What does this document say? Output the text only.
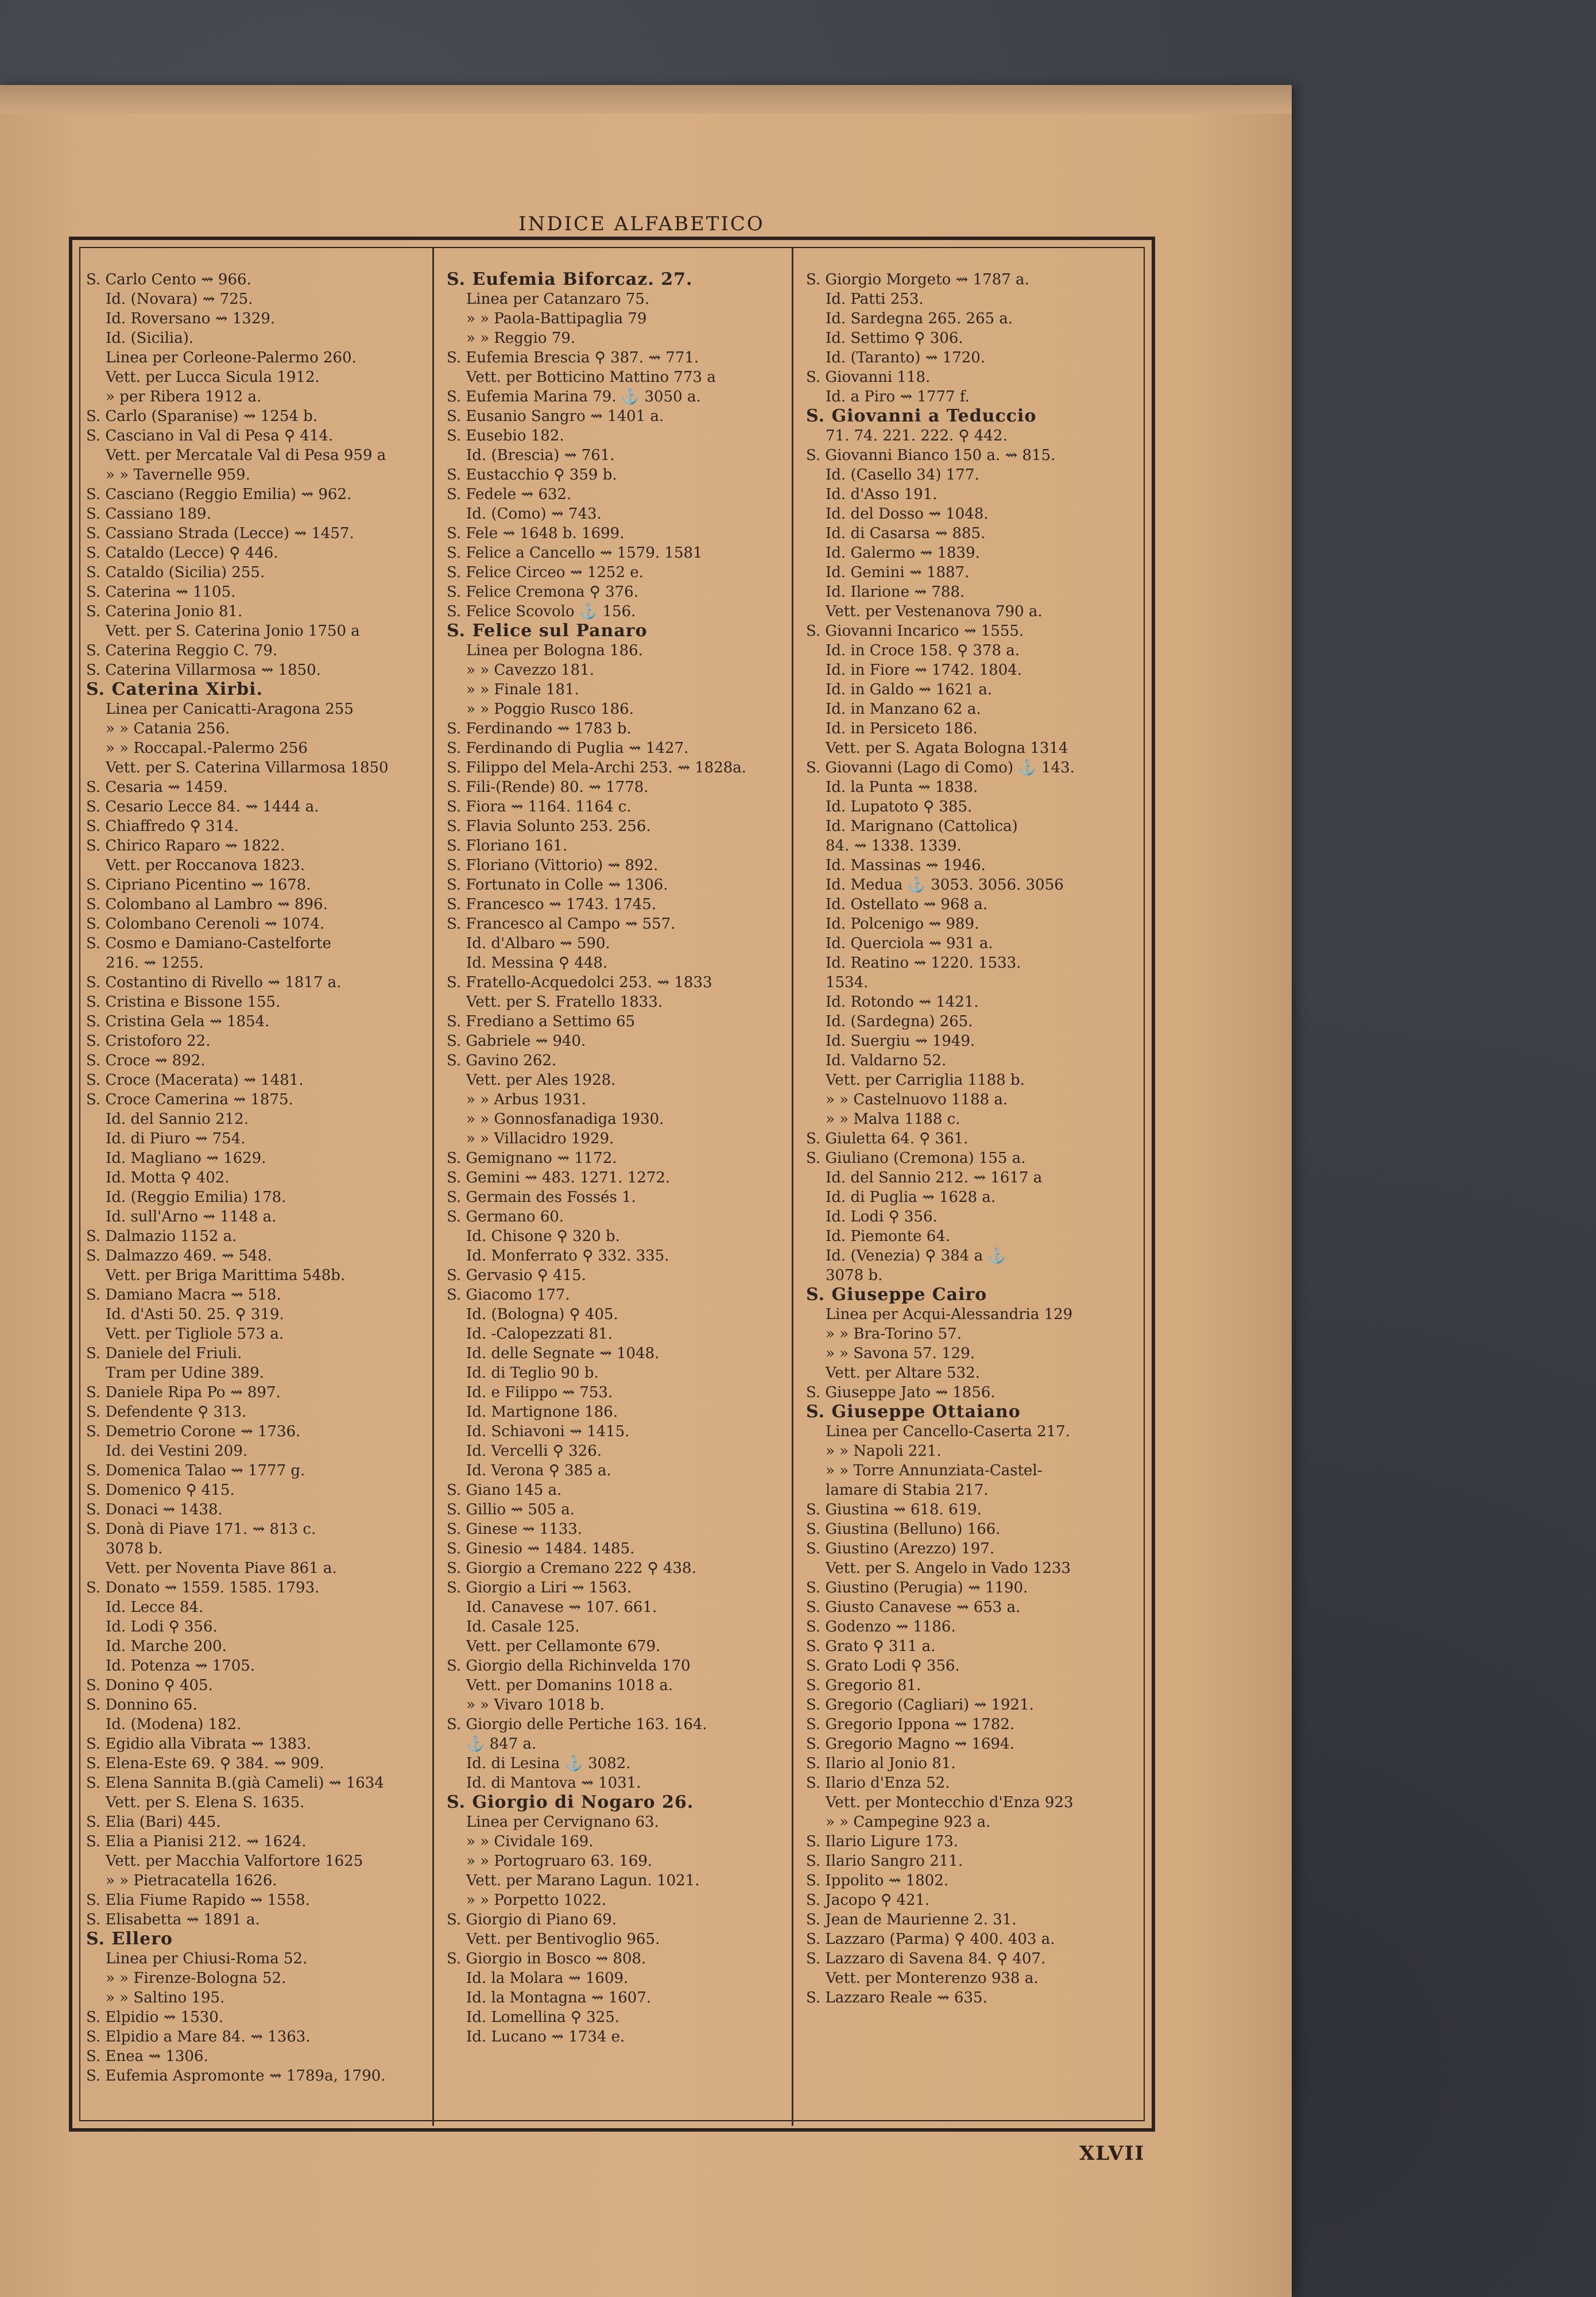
INDICE ALFABETICO
S. Carlo Cento ⇝ 966.
Id. (Novara) ⇝ 725.
Id. Roversano ⇝ 1329.
Id. (Sicilia).
Linea per Corleone-Palermo 260.
Vett. per Lucca Sicula 1912.
» per Ribera 1912 a.
S. Carlo (Sparanise) ⇝ 1254 b.
S. Casciano in Val di Pesa ⚲ 414.
Vett. per Mercatale Val di Pesa 959 a
» » Tavernelle 959.
S. Casciano (Reggio Emilia) ⇝ 962.
S. Cassiano 189.
S. Cassiano Strada (Lecce) ⇝ 1457.
S. Cataldo (Lecce) ⚲ 446.
S. Cataldo (Sicilia) 255.
S. Caterina ⇝ 1105.
S. Caterina Jonio 81.
Vett. per S. Caterina Jonio 1750 a
S. Caterina Reggio C. 79.
S. Caterina Villarmosa ⇝ 1850.
S. Caterina Xirbi.
Linea per Canicatti-Aragona 255
» » Catania 256.
» » Roccapal.-Palermo 256
Vett. per S. Caterina Villarmosa 1850
S. Cesaria ⇝ 1459.
S. Cesario Lecce 84. ⇝ 1444 a.
S. Chiaffredo ⚲ 314.
S. Chirico Raparo ⇝ 1822.
Vett. per Roccanova 1823.
S. Cipriano Picentino ⇝ 1678.
S. Colombano al Lambro ⇝ 896.
S. Colombano Cerenoli ⇝ 1074.
S. Cosmo e Damiano-Castelforte
216. ⇝ 1255.
S. Costantino di Rivello ⇝ 1817 a.
S. Cristina e Bissone 155.
S. Cristina Gela ⇝ 1854.
S. Cristoforo 22.
S. Croce ⇝ 892.
S. Croce (Macerata) ⇝ 1481.
S. Croce Camerina ⇝ 1875.
Id. del Sannio 212.
Id. di Piuro ⇝ 754.
Id. Magliano ⇝ 1629.
Id. Motta ⚲ 402.
Id. (Reggio Emilia) 178.
Id. sull'Arno ⇝ 1148 a.
S. Dalmazio 1152 a.
S. Dalmazzo 469. ⇝ 548.
Vett. per Briga Marittima 548b.
S. Damiano Macra ⇝ 518.
Id. d'Asti 50. 25. ⚲ 319.
Vett. per Tigliole 573 a.
S. Daniele del Friuli.
Tram per Udine 389.
S. Daniele Ripa Po ⇝ 897.
S. Defendente ⚲ 313.
S. Demetrio Corone ⇝ 1736.
Id. dei Vestini 209.
S. Domenica Talao ⇝ 1777 g.
S. Domenico ⚲ 415.
S. Donaci ⇝ 1438.
S. Donà di Piave 171. ⇝ 813 c.
3078 b.
Vett. per Noventa Piave 861 a.
S. Donato ⇝ 1559. 1585. 1793.
Id. Lecce 84.
Id. Lodi ⚲ 356.
Id. Marche 200.
Id. Potenza ⇝ 1705.
S. Donino ⚲ 405.
S. Donnino 65.
Id. (Modena) 182.
S. Egidio alla Vibrata ⇝ 1383.
S. Elena-Este 69. ⚲ 384. ⇝ 909.
S. Elena Sannita B.(già Cameli) ⇝ 1634
Vett. per S. Elena S. 1635.
S. Elia (Bari) 445.
S. Elia a Pianisi 212. ⇝ 1624.
Vett. per Macchia Valfortore 1625
» » Pietracatella 1626.
S. Elia Fiume Rapido ⇝ 1558.
S. Elisabetta ⇝ 1891 a.
S. Ellero
Linea per Chiusi-Roma 52.
» » Firenze-Bologna 52.
» » Saltino 195.
S. Elpidio ⇝ 1530.
S. Elpidio a Mare 84. ⇝ 1363.
S. Enea ⇝ 1306.
S. Eufemia Aspromonte ⇝ 1789a, 1790.
S. Eufemia Biforcaz. 27.
Linea per Catanzaro 75.
» » Paola-Battipaglia 79
» » Reggio 79.
S. Eufemia Brescia ⚲ 387. ⇝ 771.
Vett. per Botticino Mattino 773 a
S. Eufemia Marina 79. ⚓ 3050 a.
S. Eusanio Sangro ⇝ 1401 a.
S. Eusebio 182.
Id. (Brescia) ⇝ 761.
S. Eustacchio ⚲ 359 b.
S. Fedele ⇝ 632.
Id. (Como) ⇝ 743.
S. Fele ⇝ 1648 b. 1699.
S. Felice a Cancello ⇝ 1579. 1581
S. Felice Circeo ⇝ 1252 e.
S. Felice Cremona ⚲ 376.
S. Felice Scovolo ⚓ 156.
S. Felice sul Panaro
Linea per Bologna 186.
» » Cavezzo 181.
» » Finale 181.
» » Poggio Rusco 186.
S. Ferdinando ⇝ 1783 b.
S. Ferdinando di Puglia ⇝ 1427.
S. Filippo del Mela-Archi 253. ⇝ 1828a.
S. Fili-(Rende) 80. ⇝ 1778.
S. Fiora ⇝ 1164. 1164 c.
S. Flavia Solunto 253. 256.
S. Floriano 161.
S. Floriano (Vittorio) ⇝ 892.
S. Fortunato in Colle ⇝ 1306.
S. Francesco ⇝ 1743. 1745.
S. Francesco al Campo ⇝ 557.
Id. d'Albaro ⇝ 590.
Id. Messina ⚲ 448.
S. Fratello-Acquedolci 253. ⇝ 1833
Vett. per S. Fratello 1833.
S. Frediano a Settimo 65
S. Gabriele ⇝ 940.
S. Gavino 262.
Vett. per Ales 1928.
» » Arbus 1931.
» » Gonnosfanadiga 1930.
» » Villacidro 1929.
S. Gemignano ⇝ 1172.
S. Gemini ⇝ 483. 1271. 1272.
S. Germain des Fossés 1.
S. Germano 60.
Id. Chisone ⚲ 320 b.
Id. Monferrato ⚲ 332. 335.
S. Gervasio ⚲ 415.
S. Giacomo 177.
Id. (Bologna) ⚲ 405.
Id. -Calopezzati 81.
Id. delle Segnate ⇝ 1048.
Id. di Teglio 90 b.
Id. e Filippo ⇝ 753.
Id. Martignone 186.
Id. Schiavoni ⇝ 1415.
Id. Vercelli ⚲ 326.
Id. Verona ⚲ 385 a.
S. Giano 145 a.
S. Gillio ⇝ 505 a.
S. Ginese ⇝ 1133.
S. Ginesio ⇝ 1484. 1485.
S. Giorgio a Cremano 222 ⚲ 438.
S. Giorgio a Liri ⇝ 1563.
Id. Canavese ⇝ 107. 661.
Id. Casale 125.
Vett. per Cellamonte 679.
S. Giorgio della Richinvelda 170
Vett. per Domanins 1018 a.
» » Vivaro 1018 b.
S. Giorgio delle Pertiche 163. 164.
⚓ 847 a.
Id. di Lesina ⚓ 3082.
Id. di Mantova ⇝ 1031.
S. Giorgio di Nogaro 26.
Linea per Cervignano 63.
» » Cividale 169.
» » Portogruaro 63. 169.
Vett. per Marano Lagun. 1021.
» » Porpetto 1022.
S. Giorgio di Piano 69.
Vett. per Bentivoglio 965.
S. Giorgio in Bosco ⇝ 808.
Id. la Molara ⇝ 1609.
Id. la Montagna ⇝ 1607.
Id. Lomellina ⚲ 325.
Id. Lucano ⇝ 1734 e.
S. Giorgio Morgeto ⇝ 1787 a.
Id. Patti 253.
Id. Sardegna 265. 265 a.
Id. Settimo ⚲ 306.
Id. (Taranto) ⇝ 1720.
S. Giovanni 118.
Id. a Piro ⇝ 1777 f.
S. Giovanni a Teduccio
71. 74. 221. 222. ⚲ 442.
S. Giovanni Bianco 150 a. ⇝ 815.
Id. (Casello 34) 177.
Id. d'Asso 191.
Id. del Dosso ⇝ 1048.
Id. di Casarsa ⇝ 885.
Id. Galermo ⇝ 1839.
Id. Gemini ⇝ 1887.
Id. Ilarione ⇝ 788.
Vett. per Vestenanova 790 a.
S. Giovanni Incarico ⇝ 1555.
Id. in Croce 158. ⚲ 378 a.
Id. in Fiore ⇝ 1742. 1804.
Id. in Galdo ⇝ 1621 a.
Id. in Manzano 62 a.
Id. in Persiceto 186.
Vett. per S. Agata Bologna 1314
S. Giovanni (Lago di Como) ⚓ 143.
Id. la Punta ⇝ 1838.
Id. Lupatoto ⚲ 385.
Id. Marignano (Cattolica)
84. ⇝ 1338. 1339.
Id. Massinas ⇝ 1946.
Id. Medua ⚓ 3053. 3056. 3056
Id. Ostellato ⇝ 968 a.
Id. Polcenigo ⇝ 989.
Id. Querciola ⇝ 931 a.
Id. Reatino ⇝ 1220. 1533.
1534.
Id. Rotondo ⇝ 1421.
Id. (Sardegna) 265.
Id. Suergiu ⇝ 1949.
Id. Valdarno 52.
Vett. per Carriglia 1188 b.
» » Castelnuovo 1188 a.
» » Malva 1188 c.
S. Giuletta 64. ⚲ 361.
S. Giuliano (Cremona) 155 a.
Id. del Sannio 212. ⇝ 1617 a
Id. di Puglia ⇝ 1628 a.
Id. Lodi ⚲ 356.
Id. Piemonte 64.
Id. (Venezia) ⚲ 384 a ⚓
3078 b.
S. Giuseppe Cairo
Linea per Acqui-Alessandria 129
» » Bra-Torino 57.
» » Savona 57. 129.
Vett. per Altare 532.
S. Giuseppe Jato ⇝ 1856.
S. Giuseppe Ottaiano
Linea per Cancello-Caserta 217.
» » Napoli 221.
» » Torre Annunziata-Castel-
lamare di Stabia 217.
S. Giustina ⇝ 618. 619.
S. Giustina (Belluno) 166.
S. Giustino (Arezzo) 197.
Vett. per S. Angelo in Vado 1233
S. Giustino (Perugia) ⇝ 1190.
S. Giusto Canavese ⇝ 653 a.
S. Godenzo ⇝ 1186.
S. Grato ⚲ 311 a.
S. Grato Lodi ⚲ 356.
S. Gregorio 81.
S. Gregorio (Cagliari) ⇝ 1921.
S. Gregorio Ippona ⇝ 1782.
S. Gregorio Magno ⇝ 1694.
S. Ilario al Jonio 81.
S. Ilario d'Enza 52.
Vett. per Montecchio d'Enza 923
» » Campegine 923 a.
S. Ilario Ligure 173.
S. Ilario Sangro 211.
S. Ippolito ⇝ 1802.
S. Jacopo ⚲ 421.
S. Jean de Maurienne 2. 31.
S. Lazzaro (Parma) ⚲ 400. 403 a.
S. Lazzaro di Savena 84. ⚲ 407.
Vett. per Monterenzo 938 a.
S. Lazzaro Reale ⇝ 635.
XLVII
